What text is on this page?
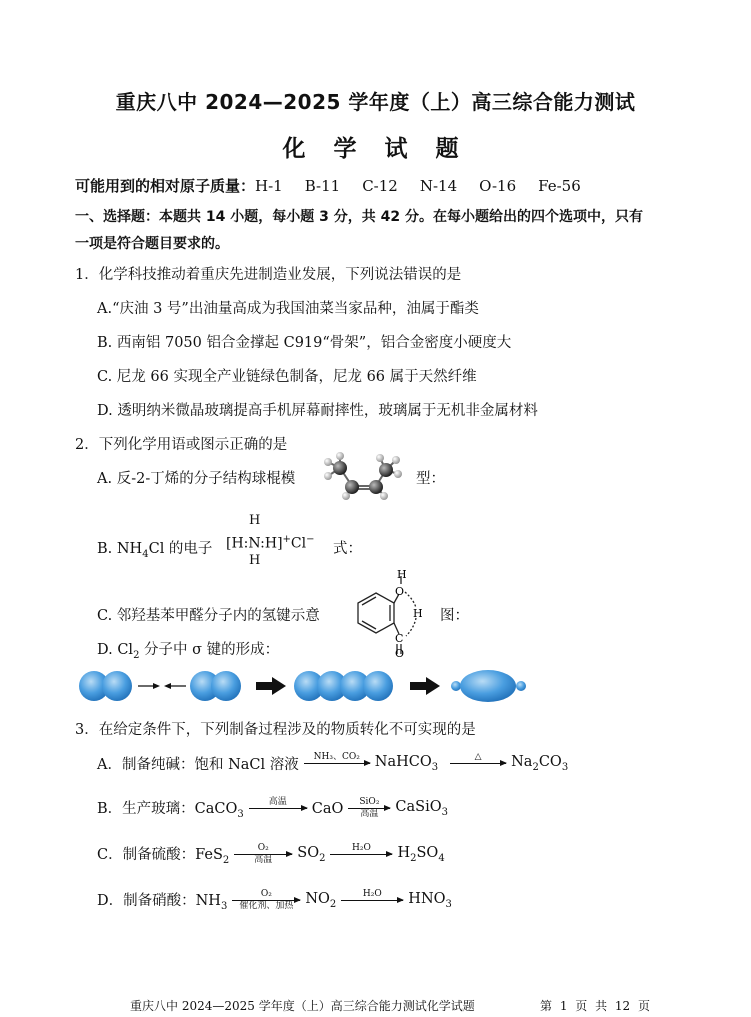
重庆八中 2024—2025 学年度（上）高三综合能力测试
化 学 试 题
可能用到的相对原子质量：H-1 B-11 C-12 N-14 O-16 Fe-56
一、选择题：本题共 14 小题，每小题 3 分，共 42 分。在每小题给出的四个选项中，只有
一项是符合题目要求的。
1．化学科技推动着重庆先进制造业发展，下列说法错误的是
A.“庆油 3 号”出油量高成为我国油菜当家品种，油属于酯类
B. 西南铝 7050 铝合金撑起 C919“骨架”，铝合金密度小硬度大
C. 尼龙 66 实现全产业链绿色制备，尼龙 66 属于天然纤维
D. 透明纳米微晶玻璃提高手机屏幕耐摔性，玻璃属于无机非金属材料
2．下列化学用语或图示正确的是
A. 反-2-丁烯的分子结构球棍模	型：
B. $NH_4Cl$ 的电子
H
[H:N:H]+Cl−
H
式：
C. 邻羟基苯甲醛分子内的氢键示意
H
O
H
C
O
图：
D. $Cl_2$ 分子中 σ 键的形成：
3．在给定条件下，下列制备过程涉及的物质转化不可实现的是
A．制备纯碱：饱和 NaCl 溶液 NH₃、CO₂ NaHCO$_3$
△ $Na_2CO_3$
B．生产玻璃：CaCO$_3$
高温 CaO SiO₂
高温 CaSiO$_3$
C．制备硫酸：FeS$_2$
O₂
高温 $SO_2$
H₂O $H_2SO_4$
D．制备硝酸：$NH_3$
O₂
催化剂、加热 $NO_2$
H₂O $HNO_3$
重庆八中 2024—2025 学年度（上）高三综合能力测试化学试题	第 1 页 共 12 页
